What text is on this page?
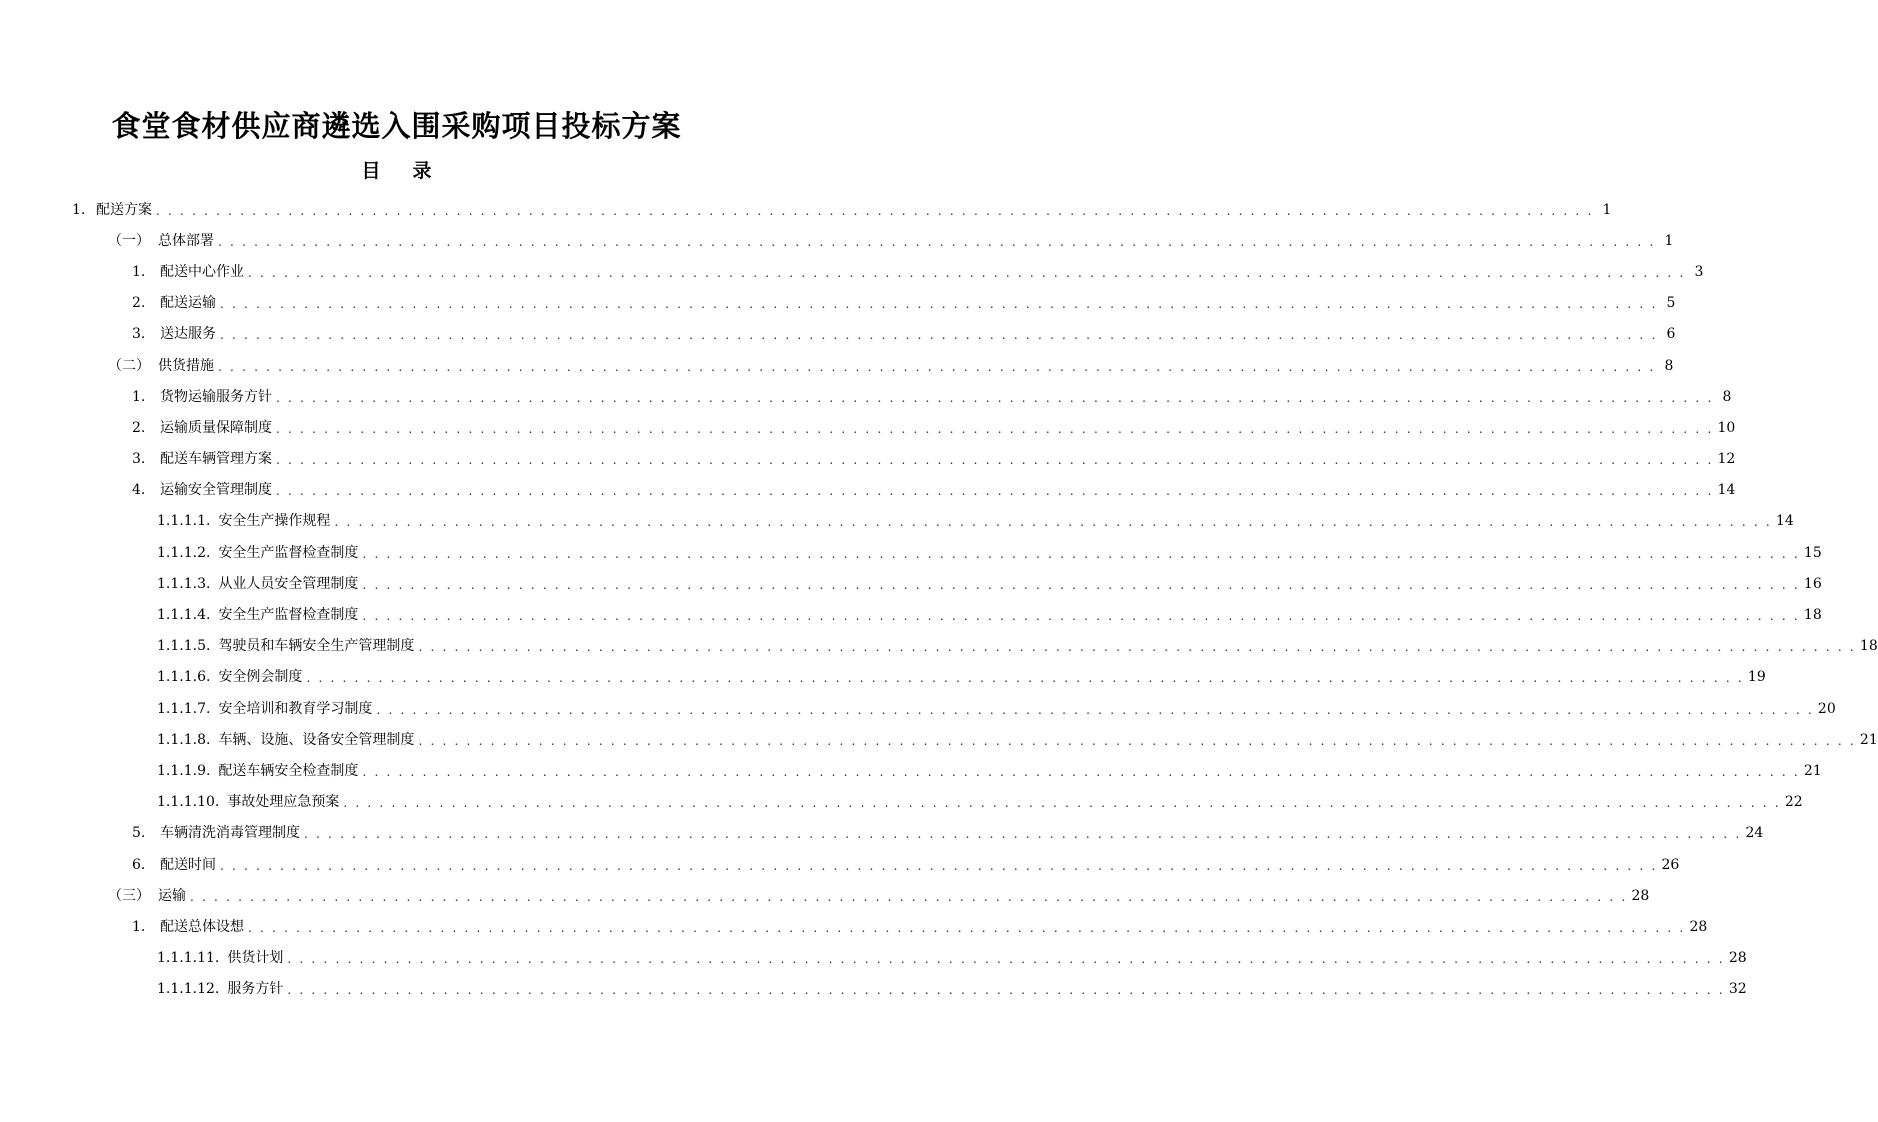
食堂食材供应商遴选入围采购项目投标方案
目 录
1. 配送方案 . . . . . . . . . . . . . . . . . . . . . . . . . . . . . . . . . . . . . . . . . . . . . . . . . . . . . . . . . . . . . . . . . . . . . . . . . . . . . . . . . . . . . . . . . . . . . . . . . . . . . . . . . . . . . . . . . . . . . . . . 1
（一） 总体部署 . . . . . . . . . . . . . . . . . . . . . . . . . . . . . . . . . . . . . . . . . . . . . . . . . . . . . . . . . . . . . . . . . . . . . . . . . . . . . . . . . . . . . . . . . . . . . . . . . . . . . . . . . . . . . . . . . . . . . . . . 1
1.	配送中心作业 . . . . . . . . . . . . . . . . . . . . . . . . . . . . . . . . . . . . . . . . . . . . . . . . . . . . . . . . . . . . . . . . . . . . . . . . . . . . . . . . . . . . . . . . . . . . . . . . . . . . . . . . . . . . . . . . . . . . . . . . 3
2.	配送运输 . . . . . . . . . . . . . . . . . . . . . . . . . . . . . . . . . . . . . . . . . . . . . . . . . . . . . . . . . . . . . . . . . . . . . . . . . . . . . . . . . . . . . . . . . . . . . . . . . . . . . . . . . . . . . . . . . . . . . . . . 5
3.	送达服务 . . . . . . . . . . . . . . . . . . . . . . . . . . . . . . . . . . . . . . . . . . . . . . . . . . . . . . . . . . . . . . . . . . . . . . . . . . . . . . . . . . . . . . . . . . . . . . . . . . . . . . . . . . . . . . . . . . . . . . . . 6
（二） 供货措施 . . . . . . . . . . . . . . . . . . . . . . . . . . . . . . . . . . . . . . . . . . . . . . . . . . . . . . . . . . . . . . . . . . . . . . . . . . . . . . . . . . . . . . . . . . . . . . . . . . . . . . . . . . . . . . . . . . . . . . . . 8
1.	货物运输服务方针 . . . . . . . . . . . . . . . . . . . . . . . . . . . . . . . . . . . . . . . . . . . . . . . . . . . . . . . . . . . . . . . . . . . . . . . . . . . . . . . . . . . . . . . . . . . . . . . . . . . . . . . . . . . . . . . . . . . . . . . . 8
2.	运输质量保障制度 . . . . . . . . . . . . . . . . . . . . . . . . . . . . . . . . . . . . . . . . . . . . . . . . . . . . . . . . . . . . . . . . . . . . . . . . . . . . . . . . . . . . . . . . . . . . . . . . . . . . . . . . . . . . . . . . . . . . . . . . 10
3.	配送车辆管理方案 . . . . . . . . . . . . . . . . . . . . . . . . . . . . . . . . . . . . . . . . . . . . . . . . . . . . . . . . . . . . . . . . . . . . . . . . . . . . . . . . . . . . . . . . . . . . . . . . . . . . . . . . . . . . . . . . . . . . . . . . 12
4.	运输安全管理制度 . . . . . . . . . . . . . . . . . . . . . . . . . . . . . . . . . . . . . . . . . . . . . . . . . . . . . . . . . . . . . . . . . . . . . . . . . . . . . . . . . . . . . . . . . . . . . . . . . . . . . . . . . . . . . . . . . . . . . . . . 14
1.1.1.1. 安全生产操作规程 . . . . . . . . . . . . . . . . . . . . . . . . . . . . . . . . . . . . . . . . . . . . . . . . . . . . . . . . . . . . . . . . . . . . . . . . . . . . . . . . . . . . . . . . . . . . . . . . . . . . . . . . . . . . . . . . . . . . . . . . 14
1.1.1.2. 安全生产监督检查制度 . . . . . . . . . . . . . . . . . . . . . . . . . . . . . . . . . . . . . . . . . . . . . . . . . . . . . . . . . . . . . . . . . . . . . . . . . . . . . . . . . . . . . . . . . . . . . . . . . . . . . . . . . . . . . . . . . . . . . . . . 15
1.1.1.3. 从业人员安全管理制度 . . . . . . . . . . . . . . . . . . . . . . . . . . . . . . . . . . . . . . . . . . . . . . . . . . . . . . . . . . . . . . . . . . . . . . . . . . . . . . . . . . . . . . . . . . . . . . . . . . . . . . . . . . . . . . . . . . . . . . . . 16
1.1.1.4. 安全生产监督检查制度 . . . . . . . . . . . . . . . . . . . . . . . . . . . . . . . . . . . . . . . . . . . . . . . . . . . . . . . . . . . . . . . . . . . . . . . . . . . . . . . . . . . . . . . . . . . . . . . . . . . . . . . . . . . . . . . . . . . . . . . . 18
1.1.1.5. 驾驶员和车辆安全生产管理制度 . . . . . . . . . . . . . . . . . . . . . . . . . . . . . . . . . . . . . . . . . . . . . . . . . . . . . . . . . . . . . . . . . . . . . . . . . . . . . . . . . . . . . . . . . . . . . . . . . . . . . . . . . . . . . . . . . . . . . . . . 18
1.1.1.6. 安全例会制度 . . . . . . . . . . . . . . . . . . . . . . . . . . . . . . . . . . . . . . . . . . . . . . . . . . . . . . . . . . . . . . . . . . . . . . . . . . . . . . . . . . . . . . . . . . . . . . . . . . . . . . . . . . . . . . . . . . . . . . . . 19
1.1.1.7. 安全培训和教育学习制度 . . . . . . . . . . . . . . . . . . . . . . . . . . . . . . . . . . . . . . . . . . . . . . . . . . . . . . . . . . . . . . . . . . . . . . . . . . . . . . . . . . . . . . . . . . . . . . . . . . . . . . . . . . . . . . . . . . . . . . . . 20
1.1.1.8. 车辆、设施、设备安全管理制度 . . . . . . . . . . . . . . . . . . . . . . . . . . . . . . . . . . . . . . . . . . . . . . . . . . . . . . . . . . . . . . . . . . . . . . . . . . . . . . . . . . . . . . . . . . . . . . . . . . . . . . . . . . . . . . . . . . . . . . . . 21
1.1.1.9. 配送车辆安全检查制度 . . . . . . . . . . . . . . . . . . . . . . . . . . . . . . . . . . . . . . . . . . . . . . . . . . . . . . . . . . . . . . . . . . . . . . . . . . . . . . . . . . . . . . . . . . . . . . . . . . . . . . . . . . . . . . . . . . . . . . . . 21
1.1.1.10. 事故处理应急预案 . . . . . . . . . . . . . . . . . . . . . . . . . . . . . . . . . . . . . . . . . . . . . . . . . . . . . . . . . . . . . . . . . . . . . . . . . . . . . . . . . . . . . . . . . . . . . . . . . . . . . . . . . . . . . . . . . . . . . . . . 22
5.	车辆清洗消毒管理制度 . . . . . . . . . . . . . . . . . . . . . . . . . . . . . . . . . . . . . . . . . . . . . . . . . . . . . . . . . . . . . . . . . . . . . . . . . . . . . . . . . . . . . . . . . . . . . . . . . . . . . . . . . . . . . . . . . . . . . . . . 24
6.	配送时间 . . . . . . . . . . . . . . . . . . . . . . . . . . . . . . . . . . . . . . . . . . . . . . . . . . . . . . . . . . . . . . . . . . . . . . . . . . . . . . . . . . . . . . . . . . . . . . . . . . . . . . . . . . . . . . . . . . . . . . . . 26
（三） 运输 . . . . . . . . . . . . . . . . . . . . . . . . . . . . . . . . . . . . . . . . . . . . . . . . . . . . . . . . . . . . . . . . . . . . . . . . . . . . . . . . . . . . . . . . . . . . . . . . . . . . . . . . . . . . . . . . . . . . . . . . 28
1.	配送总体设想 . . . . . . . . . . . . . . . . . . . . . . . . . . . . . . . . . . . . . . . . . . . . . . . . . . . . . . . . . . . . . . . . . . . . . . . . . . . . . . . . . . . . . . . . . . . . . . . . . . . . . . . . . . . . . . . . . . . . . . . . 28
1.1.1.11. 供货计划 . . . . . . . . . . . . . . . . . . . . . . . . . . . . . . . . . . . . . . . . . . . . . . . . . . . . . . . . . . . . . . . . . . . . . . . . . . . . . . . . . . . . . . . . . . . . . . . . . . . . . . . . . . . . . . . . . . . . . . . . 28
1.1.1.12. 服务方针 . . . . . . . . . . . . . . . . . . . . . . . . . . . . . . . . . . . . . . . . . . . . . . . . . . . . . . . . . . . . . . . . . . . . . . . . . . . . . . . . . . . . . . . . . . . . . . . . . . . . . . . . . . . . . . . . . . . . . . . . 32
